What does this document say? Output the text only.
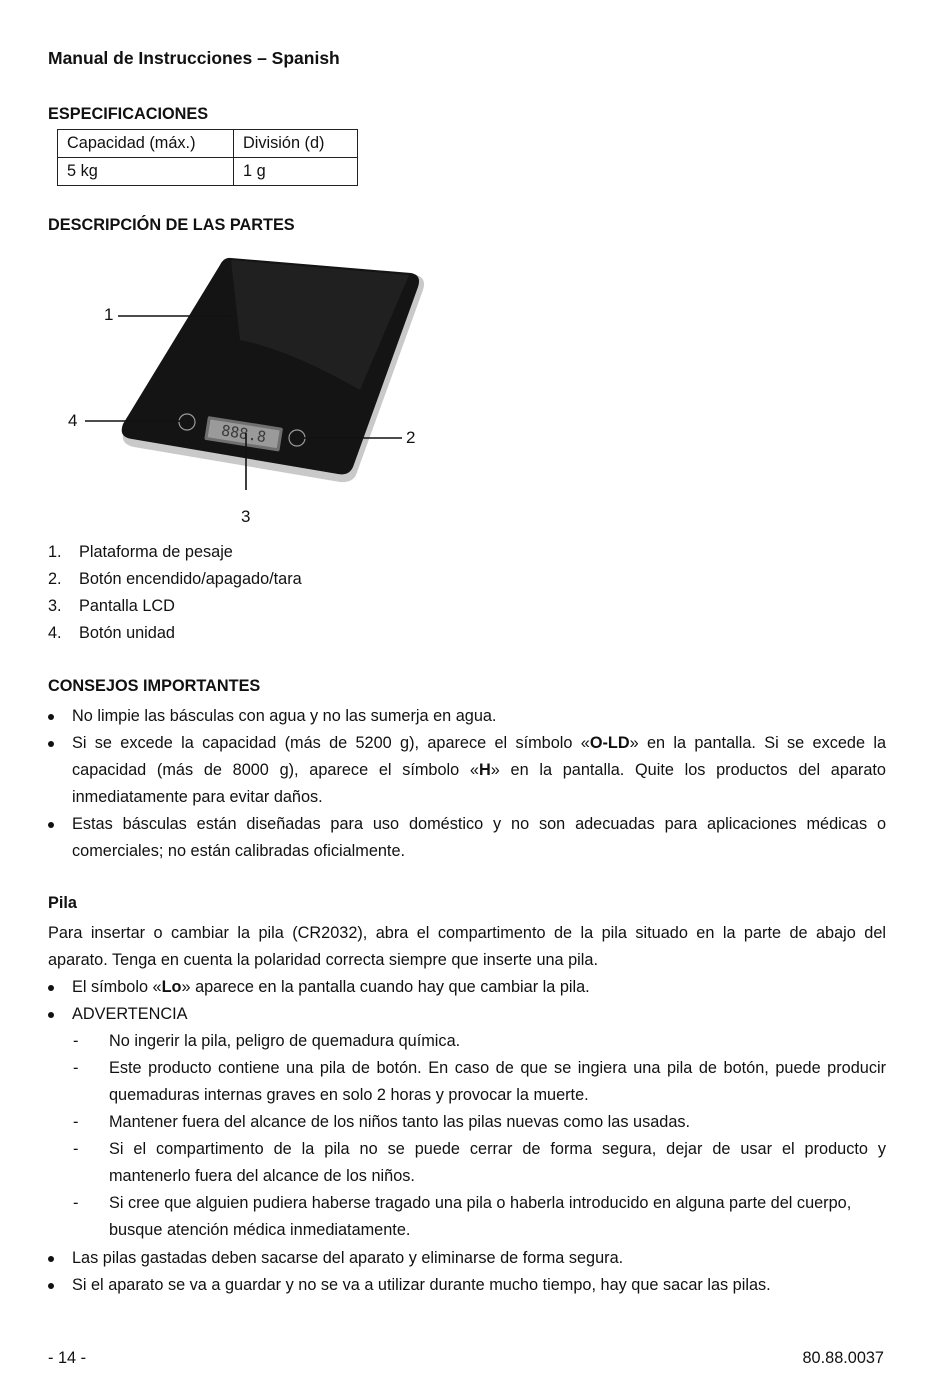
Manual de Instrucciones – Spanish
ESPECIFICACIONES
Capacidad (máx.)	División (d)
5 kg	1 g
DESCRIPCIÓN DE LAS PARTES
888.8
1
2
3
4
1. Plataforma de pesaje
2. Botón encendido/apagado/tara
3. Pantalla LCD
4. Botón unidad
CONSEJOS IMPORTANTES
No limpie las básculas con agua y no las sumerja en agua.
Si se excede la capacidad (más de 5200 g), aparece el símbolo «O-LD» en la pantalla. Si se excede la
capacidad (más de 8000 g), aparece el símbolo «H» en la pantalla. Quite los productos del aparato
inmediatamente para evitar daños.
Estas básculas están diseñadas para uso doméstico y no son adecuadas para aplicaciones médicas o
comerciales; no están calibradas oficialmente.
Pila
Para insertar o cambiar la pila (CR2032), abra el compartimento de la pila situado en la parte de abajo del
aparato. Tenga en cuenta la polaridad correcta siempre que inserte una pila.
El símbolo «Lo» aparece en la pantalla cuando hay que cambiar la pila.
ADVERTENCIA
- No ingerir la pila, peligro de quemadura química.
- Este producto contiene una pila de botón. En caso de que se ingiera una pila de botón, puede producir
quemaduras internas graves en solo 2 horas y provocar la muerte.
- Mantener fuera del alcance de los niños tanto las pilas nuevas como las usadas.
- Si el compartimento de la pila no se puede cerrar de forma segura, dejar de usar el producto y
mantenerlo fuera del alcance de los niños.
- Si cree que alguien pudiera haberse tragado una pila o haberla introducido en alguna parte del cuerpo,
busque atención médica inmediatamente.
Las pilas gastadas deben sacarse del aparato y eliminarse de forma segura.
Si el aparato se va a guardar y no se va a utilizar durante mucho tiempo, hay que sacar las pilas.
- 14 -	80.88.0037
